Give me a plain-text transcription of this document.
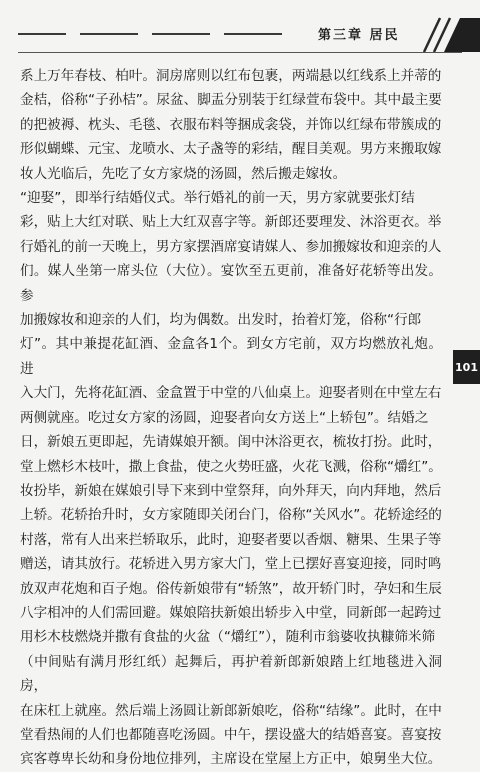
第三章 居民

系上万年春枝、柏叶。洞房席则以红布包裹，两端悬以红线系上并蒂的
金桔，俗称“子孙桔”。尿盆、脚盂分别装于红绿萱布袋中。其中最主要
的把被褥、枕头、毛毯、衣服布料等捆成衾袋，并饰以红绿布带簇成的
形似蝴蝶、元宝、龙喷水、太子盏等的彩结，醒目美观。男方来搬取嫁
妆人光临后，先吃了女方家烧的汤圆，然后搬走嫁妆。

“迎娶”，即举行结婚仪式。举行婚礼的前一天，男方家就要张灯结
彩，贴上大红对联、贴上大红双喜字等。新郎还要理发、沐浴更衣。举
行婚礼的前一天晚上，男方家摆酒席宴请媒人、参加搬嫁妆和迎亲的人
们。媒人坐第一席头位（大位）。宴饮至五更前，准备好花轿等出发。参
加搬嫁妆和迎亲的人们，均为偶数。出发时，抬着灯笼，俗称“行郎
灯”。其中兼提花缸酒、金盒各1个。到女方宅前，双方均燃放礼炮。进
入大门，先将花缸酒、金盒置于中堂的八仙桌上。迎娶者则在中堂左右
两侧就座。吃过女方家的汤圆，迎娶者向女方送上“上轿包”。结婚之
日，新娘五更即起，先请媒娘开额。闺中沐浴更衣，梳妆打扮。此时，
堂上燃杉木枝叶，撒上食盐，使之火势旺盛，火花飞溅，俗称“爝红”。
妆扮毕，新娘在媒娘引导下来到中堂祭拜，向外拜天，向内拜地，然后
上轿。花轿抬升时，女方家随即关闭台门，俗称“关风水”。花轿途经的
村落，常有人出来拦轿取乐，此时，迎娶者要以香烟、糖果、生果子等
赠送，请其放行。花轿进入男方家大门，堂上已摆好喜宴迎接，同时鸣
放双声花炮和百子炮。俗传新娘带有“轿煞”，故开轿门时，孕妇和生辰
八字相冲的人们需回避。媒娘陪扶新娘出轿步入中堂，同新郎一起跨过
用杉木枝燃烧并撒有食盐的火盆（“爝红”），随利市翁婆收执糠筛米筛
（中间贴有满月形红纸）起舞后，再护着新郎新娘踏上红地毯进入洞房，
在床杠上就座。然后端上汤圆让新郎新娘吃，俗称“结缘”。此时，在中
堂看热闹的人们也都随喜吃汤圆。中午，摆设盛大的结婚喜宴。喜宴按
宾客尊卑长幼和身份地位排列，主席设在堂屋上方正中，娘舅坐大位。

101
